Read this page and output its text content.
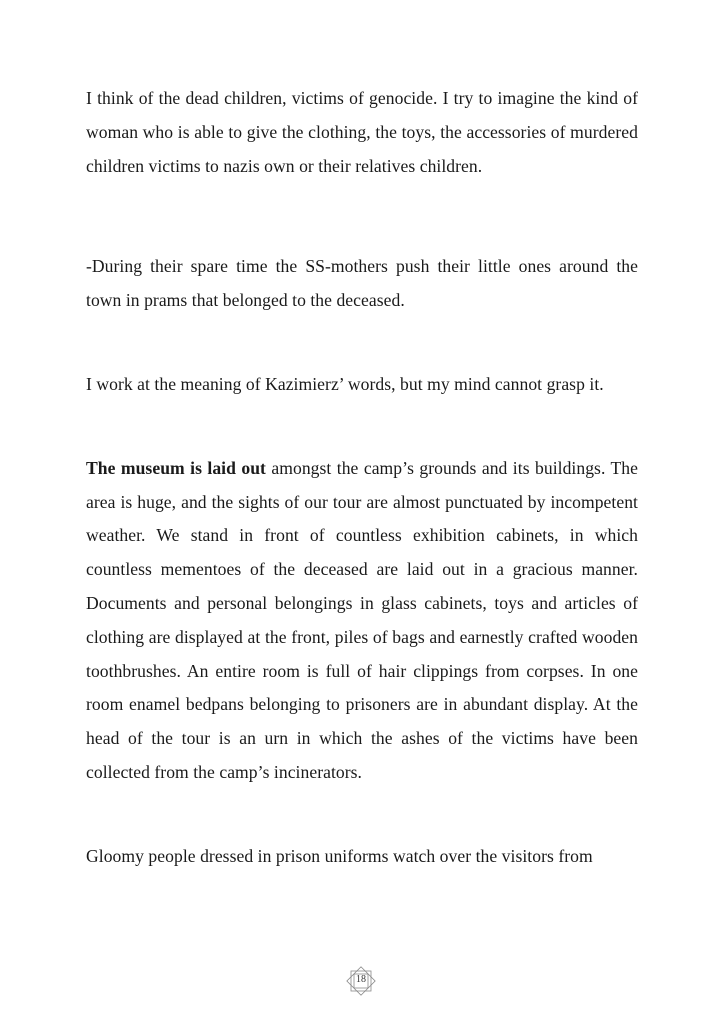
I think of the dead children, victims of genocide. I try to imagine the kind of woman who is able to give the clothing, the toys, the accessories of murdered children victims to nazis own or their relatives children.

-During their spare time the SS-mothers push their little ones around the town in prams that belonged to the deceased.

I work at the meaning of Kazimierz’ words, but my mind cannot grasp it.

The museum is laid out amongst the camp’s grounds and its buildings. The area is huge, and the sights of our tour are almost punctuated by incompetent weather. We stand in front of countless exhibition cabinets, in which countless mementoes of the deceased are laid out in a gracious manner. Documents and personal belongings in glass cabinets, toys and articles of clothing are displayed at the front, piles of bags and earnestly crafted wooden toothbrushes. An entire room is full of hair clippings from corpses. In one room enamel bedpans belonging to prisoners are in abundant display. At the head of the tour is an urn in which the ashes of the victims have been collected from the camp’s incinerators.

Gloomy people dressed in prison uniforms watch over the visitors from

18
